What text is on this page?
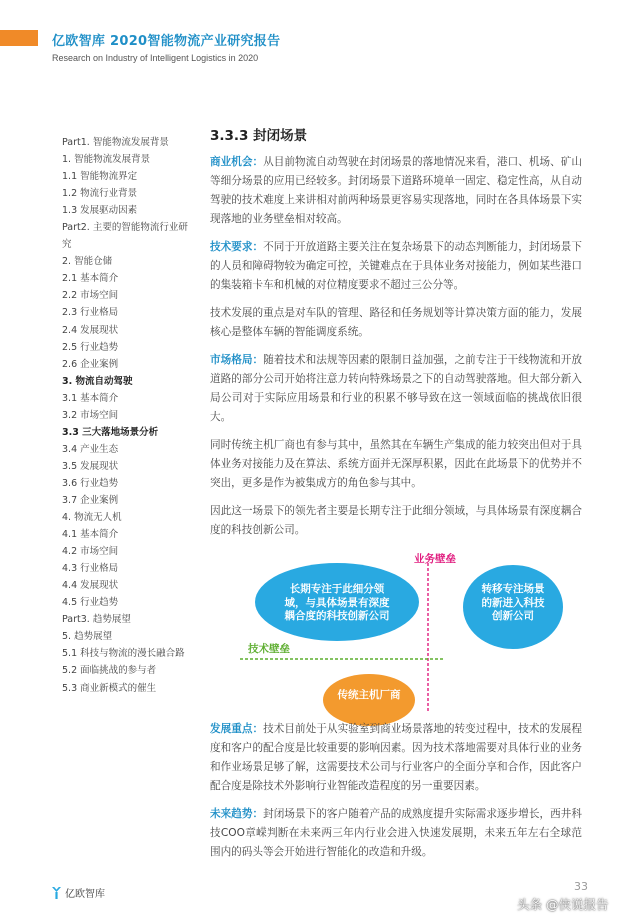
亿欧智库 2020智能物流产业研究报告
Research on Industry of Intelligent Logistics in 2020
Part1. 智能物流发展背景
1. 智能物流发展背景
1.1 智能物流界定
1.2 物流行业背景
1.3 发展驱动因素
Part2. 主要的智能物流行业研究
2. 智能仓储
2.1 基本简介
2.2 市场空间
2.3 行业格局
2.4 发展现状
2.5 行业趋势
2.6 企业案例
3. 物流自动驾驶
3.1 基本简介
3.2 市场空间
3.3 三大落地场景分析
3.4 产业生态
3.5 发展现状
3.6 行业趋势
3.7 企业案例
4. 物流无人机
4.1 基本简介
4.2 市场空间
4.3 行业格局
4.4 发展现状
4.5 行业趋势
Part3. 趋势展望
5. 趋势展望
5.1 科技与物流的漫长融合路
5.2 面临挑战的参与者
5.3 商业新模式的催生
3.3.3 封闭场景

商业机会：从目前物流自动驾驶在封闭场景的落地情况来看，港口、机场、矿山等细分场景的应用已经较多。封闭场景下道路环境单一固定、稳定性高，从自动驾驶的技术难度上来讲相对前两种场景更容易实现落地，同时在各具体场景下实现落地的业务壁垒相对较高。

技术要求：不同于开放道路主要关注在复杂场景下的动态判断能力，封闭场景下的人员和障碍物较为确定可控，关键难点在于具体业务对接能力，例如某些港口的集装箱卡车和机械的对位精度要求不超过三公分等。

技术发展的重点是对车队的管理、路径和任务规划等计算决策方面的能力，发展核心是整体车辆的智能调度系统。

市场格局：随着技术和法规等因素的限制日益加强，之前专注于干线物流和开放道路的部分公司开始将注意力转向特殊场景之下的自动驾驶落地。但大部分新入局公司对于实际应用场景和行业的积累不够导致在这一领域面临的挑战依旧很大。

同时传统主机厂商也有参与其中，虽然其在车辆生产集成的能力较突出但对于具体业务对接能力及在算法、系统方面并无深厚积累，因此在此场景下的优势并不突出，更多是作为被集成方的角色参与其中。

因此这一场景下的领先者主要是长期专注于此细分领域，与具体场景有深度耦合度的科技创新公司。

业务壁垒
技术壁垒
长期专注于此细分领域，与具体场景有深度耦合度的科技创新公司
转移专注场景的新进入科技创新公司
传统主机厂商

发展重点：技术目前处于从实验室到商业场景落地的转变过程中，技术的发展程度和客户的配合度是比较重要的影响因素。因为技术落地需要对具体行业的业务和作业场景足够了解，这需要技术公司与行业客户的全面分享和合作，因此客户配合度是除技术外影响行业智能改造程度的另一重要因素。

未来趋势：封闭场景下的客户随着产品的成熟度提升实际需求逐步增长，西井科技COO章嵘判断在未来两三年内行业会进入快速发展期，未来五年左右全球范围内的码头等会开始进行智能化的改造和升级。

亿欧智库
33
头条 @侠说报告
